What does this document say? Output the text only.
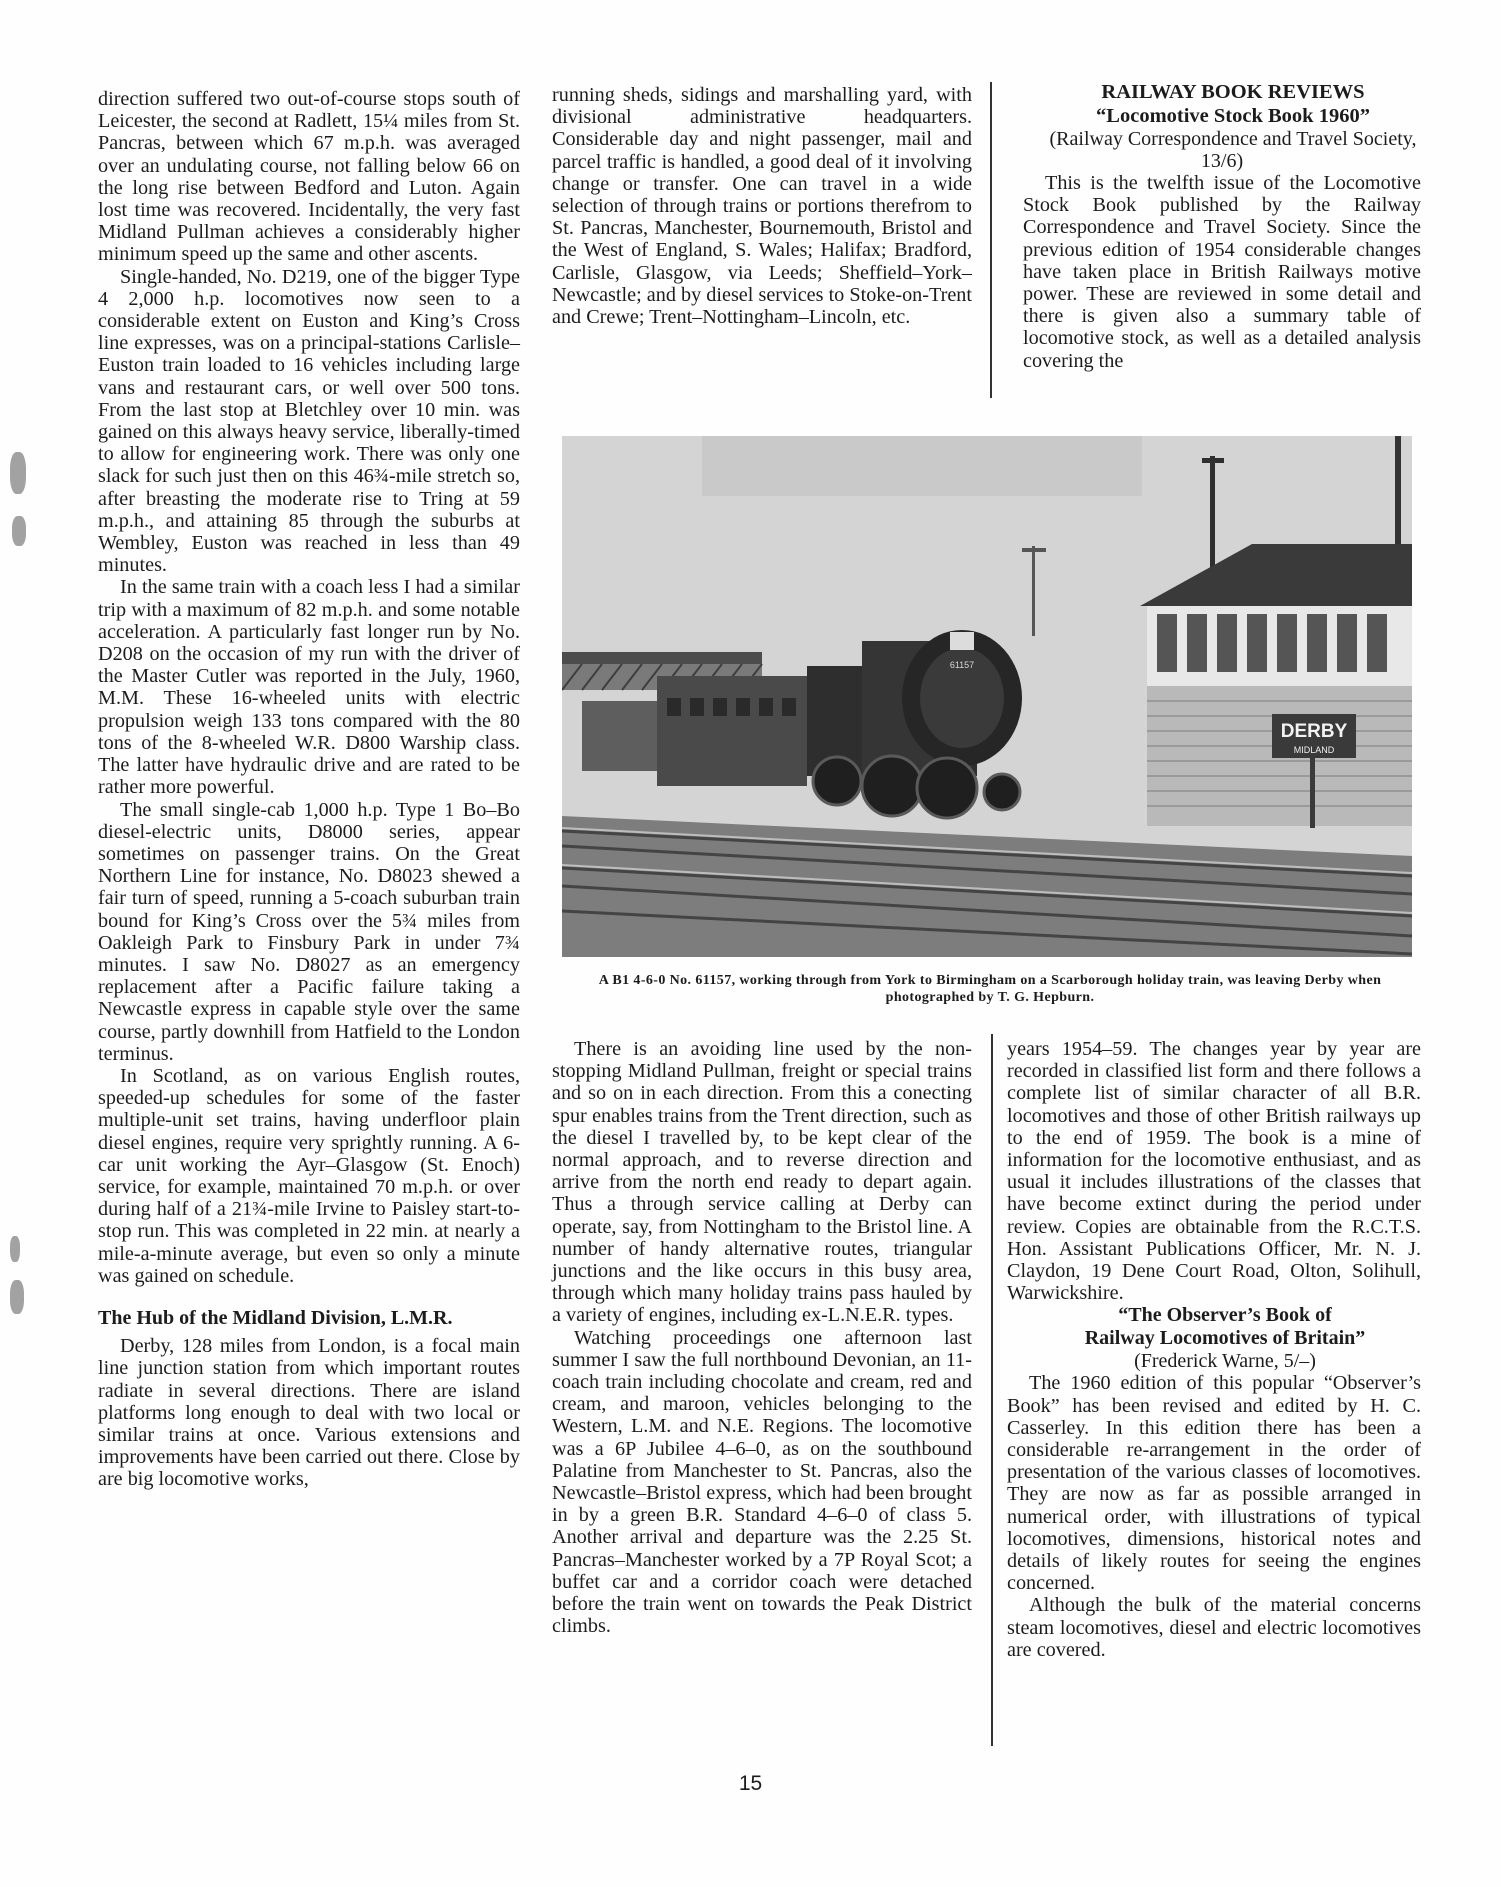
direction suffered two out-of-course stops south of Leicester, the second at Radlett, 15¼ miles from St. Pancras, between which 67 m.p.h. was averaged over an undulating course, not falling below 66 on the long rise between Bedford and Luton. Again lost time was recovered. Incidentally, the very fast Midland Pullman achieves a considerably higher minimum speed up the same and other ascents.

Single-handed, No. D219, one of the bigger Type 4 2,000 h.p. locomotives now seen to a considerable extent on Euston and King’s Cross line expresses, was on a principal-stations Carlisle–Euston train loaded to 16 vehicles including large vans and restaurant cars, or well over 500 tons. From the last stop at Bletchley over 10 min. was gained on this always heavy service, liberally-timed to allow for engineering work. There was only one slack for such just then on this 46¾-mile stretch so, after breasting the moderate rise to Tring at 59 m.p.h., and attaining 85 through the suburbs at Wembley, Euston was reached in less than 49 minutes.

In the same train with a coach less I had a similar trip with a maximum of 82 m.p.h. and some notable acceleration. A particularly fast longer run by No. D208 on the occasion of my run with the driver of the Master Cutler was reported in the July, 1960, M.M. These 16-wheeled units with electric propulsion weigh 133 tons compared with the 80 tons of the 8-wheeled W.R. D800 Warship class. The latter have hydraulic drive and are rated to be rather more powerful.

The small single-cab 1,000 h.p. Type 1 Bo–Bo diesel-electric units, D8000 series, appear sometimes on passenger trains. On the Great Northern Line for instance, No. D8023 shewed a fair turn of speed, running a 5-coach suburban train bound for King’s Cross over the 5¾ miles from Oakleigh Park to Finsbury Park in under 7¾ minutes. I saw No. D8027 as an emergency replacement after a Pacific failure taking a Newcastle express in capable style over the same course, partly downhill from Hatfield to the London terminus.

In Scotland, as on various English routes, speeded-up schedules for some of the faster multiple-unit set trains, having underfloor plain diesel engines, require very sprightly running. A 6-car unit working the Ayr–Glasgow (St. Enoch) service, for example, maintained 70 m.p.h. or over during half of a 21¾-mile Irvine to Paisley start-to-stop run. This was completed in 22 min. at nearly a mile-a-minute average, but even so only a minute was gained on schedule.

The Hub of the Midland Division, L.M.R.

Derby, 128 miles from London, is a focal main line junction station from which important routes radiate in several directions. There are island platforms long enough to deal with two local or similar trains at once. Various extensions and improvements have been carried out there. Close by are big locomotive works,

running sheds, sidings and marshalling yard, with divisional administrative headquarters. Considerable day and night passenger, mail and parcel traffic is handled, a good deal of it involving change or transfer. One can travel in a wide selection of through trains or portions therefrom to St. Pancras, Manchester, Bournemouth, Bristol and the West of England, S. Wales; Halifax; Bradford, Carlisle, Glasgow, via Leeds; Sheffield–York–Newcastle; and by diesel services to Stoke-on-Trent and Crewe; Trent–Nottingham–Lincoln, etc.

RAILWAY BOOK REVIEWS

“Locomotive Stock Book 1960”

(Railway Correspondence and Travel Society, 13/6)

This is the twelfth issue of the Locomotive Stock Book published by the Railway Correspondence and Travel Society. Since the previous edition of 1954 considerable changes have taken place in British Railways motive power. These are reviewed in some detail and there is given also a summary table of locomotive stock, as well as a detailed analysis covering the

DERBY
MIDLAND
61157
A B1 4-6-0 No. 61157, working through from York to Birmingham on a Scarborough holiday train, was leaving Derby when photographed by T. G. Hepburn.

There is an avoiding line used by the non-stopping Midland Pullman, freight or special trains and so on in each direction. From this a conecting spur enables trains from the Trent direction, such as the diesel I travelled by, to be kept clear of the normal approach, and to reverse direction and arrive from the north end ready to depart again. Thus a through service calling at Derby can operate, say, from Nottingham to the Bristol line. A number of handy alternative routes, triangular junctions and the like occurs in this busy area, through which many holiday trains pass hauled by a variety of engines, including ex-L.N.E.R. types.

Watching proceedings one afternoon last summer I saw the full northbound Devonian, an 11-coach train including chocolate and cream, red and cream, and maroon, vehicles belonging to the Western, L.M. and N.E. Regions. The locomotive was a 6P Jubilee 4–6–0, as on the southbound Palatine from Manchester to St. Pancras, also the Newcastle–Bristol express, which had been brought in by a green B.R. Standard 4–6–0 of class 5. Another arrival and departure was the 2.25 St. Pancras–Manchester worked by a 7P Royal Scot; a buffet car and a corridor coach were detached before the train went on towards the Peak District climbs.

years 1954–59. The changes year by year are recorded in classified list form and there follows a complete list of similar character of all B.R. locomotives and those of other British railways up to the end of 1959. The book is a mine of information for the locomotive enthusiast, and as usual it includes illustrations of the classes that have become extinct during the period under review. Copies are obtainable from the R.C.T.S. Hon. Assistant Publications Officer, Mr. N. J. Claydon, 19 Dene Court Road, Olton, Solihull, Warwickshire.

“The Observer’s Book of

Railway Locomotives of Britain”

(Frederick Warne, 5/–)

The 1960 edition of this popular “Observer’s Book” has been revised and edited by H. C. Casserley. In this edition there has been a considerable re-arrangement in the order of presentation of the various classes of locomotives. They are now as far as possible arranged in numerical order, with illustrations of typical locomotives, dimensions, historical notes and details of likely routes for seeing the engines concerned.

Although the bulk of the material concerns steam locomotives, diesel and electric locomotives are covered.

15
